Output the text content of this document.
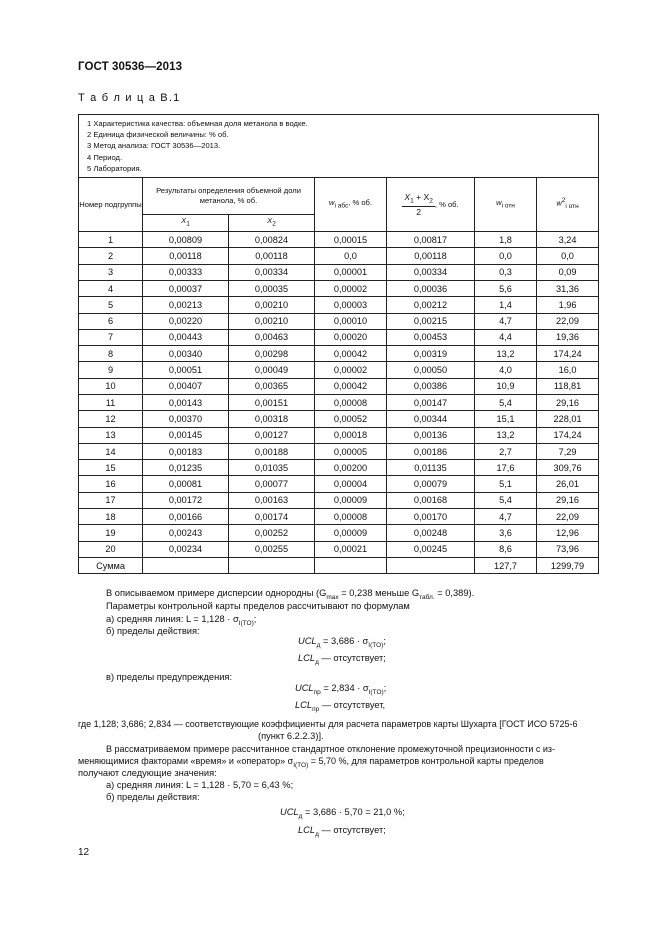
ГОСТ 30536—2013
Т а б л и ц а В.1
1 Характеристика качества: объемная доля метанола в водке.
2 Единица физической величины: % об.
3 Метод анализа: ГОСТ 30536—2013.
4 Период.
5 Лаборатория.						

Номер подгруппы	Результаты определения объемной доли метанола, % об.		$w_{i абс}$, % об.	$\frac{X_1 + X_2}{2}$ , % об.	$w_{i отн}$	$w^2_{i отн}$
	$X_1$	$X_2$
1	0,00809	0,00824	0,00015	0,00817	1,8	3,24
2	0,00118	0,00118	0,0	0,00118	0,0	0,0
3	0,00333	0,00334	0,00001	0,00334	0,3	0,09
4	0,00037	0,00035	0,00002	0,00036	5,6	31,36
5	0,00213	0,00210	0,00003	0,00212	1,4	1,96
6	0,00220	0,00210	0,00010	0,00215	4,7	22,09
7	0,00443	0,00463	0,00020	0,00453	4,4	19,36
8	0,00340	0,00298	0,00042	0,00319	13,2	174,24
9	0,00051	0,00049	0,00002	0,00050	4,0	16,0
10	0,00407	0,00365	0,00042	0,00386	10,9	118,81
11	0,00143	0,00151	0,00008	0,00147	5,4	29,16
12	0,00370	0,00318	0,00052	0,00344	15,1	228,01
13	0,00145	0,00127	0,00018	0,00136	13,2	174,24
14	0,00183	0,00188	0,00005	0,00186	2,7	7,29
15	0,01235	0,01035	0,00200	0,01135	17,6	309,76
16	0,00081	0,00077	0,00004	0,00079	5,1	26,01
17	0,00172	0,00163	0,00009	0,00168	5,4	29,16
18	0,00166	0,00174	0,00008	0,00170	4,7	22,09
19	0,00243	0,00252	0,00009	0,00248	3,6	12,96
20	0,00234	0,00255	0,00021	0,00245	8,6	73,96
Сумма					127,7	1299,79
В описываемом примере дисперсии однородны ($G_{max} = 0,238$ меньше $G_{табл.} = 0,389$).
Параметры контрольной карты пределов рассчитывают по формулам
а) средняя линия: $L = 1,128 \cdot \sigma_{I(TO)}$;
б) пределы действия:
$UCL_д = 3,686 \cdot \sigma_{I(TO)}$;
$LCL_д$ — отсутствует;
в) пределы предупреждения:
$UCL_{пр} = 2,834 \cdot \sigma_{I(TO)}$;
$LCL_{пр}$ — отсутствует,
где 1,128; 3,686; 2,834 — соответствующие коэффициенты для расчета параметров карты Шухарта [ГОСТ ИСО 5725-6
(пункт 6.2.2.3)].
В рассматриваемом примере рассчитанное стандартное отклонение промежуточной прецизионности с из-
меняющимися факторами «время» и «оператор» $\sigma_{I(TO)} = 5,70$ %, для параметров контрольной карты пределов
получают следующие значения:
а) средняя линия: L = 1,128 · 5,70 = 6,43 %;
б) пределы действия:
$UCL_д = 3,686 \cdot 5,70 = 21,0$ %;
$LCL_д$ — отсутствует;
12
